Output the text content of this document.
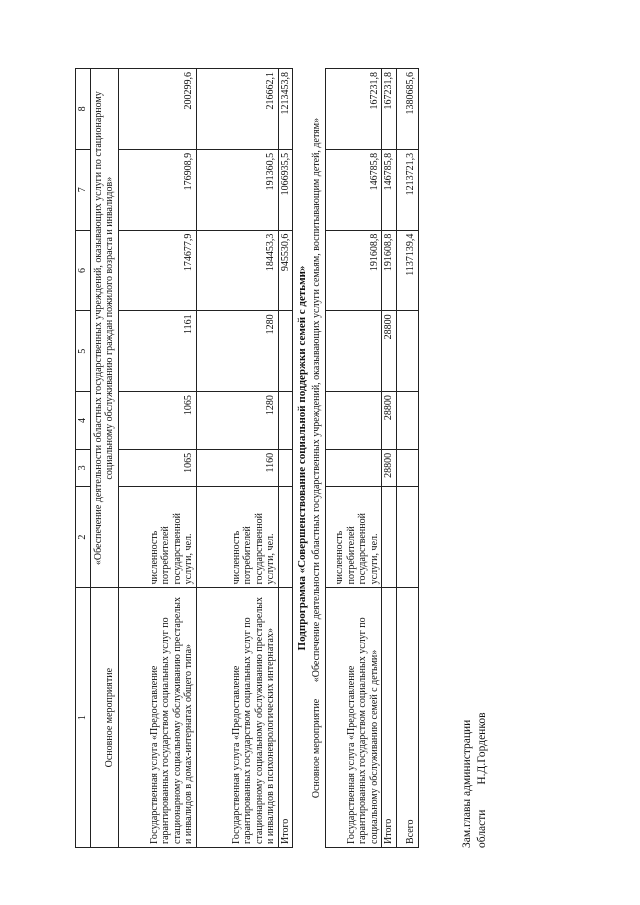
1	2	3	4	5	6	7	8
Основное мероприятие	«Обеспечение деятельности областных государственных учреждений, оказывающих услуги по стационарному социальному обслуживанию граждан пожилого возраста и инвалидов»						
Государственная услуга «Предоставление гарантированных государством социальных услуг по стационарному социальному обслуживанию престарелых и инвалидов в домах-интернатах общего типа»	численность потребителей государственной услуги, чел.	1065	1065	1161	174677,9	176908,9	200299,6
Государственная услуга «Предоставление гарантированных государством социальных услуг по стационарному социальному обслуживанию престарелых и инвалидов в психоневрологических интернатах»	численность потребителей государственной услуги, чел.	1160	1280	1280	184453,3	191360,5	216662,1
Итого					945530,6	1066935,5	1213453,8
Подпрограмма «Совершенствование социальной поддержки семей с детьми»
Основное мероприятие «Обеспечение деятельности областных государственных учреждений, оказывающих услуги семьям, воспитывающим детей, детям»
Государственная услуга «Предоставление гарантированных государством социальных услуг по социальному обслуживанию семей с детьми»	численность потребителей государственной услуги, чел.				191608,8	146785,8	167231,8
Итого		28800	28800	28800	191608,8	146785,8	167231,8
Всего					1137139,4	1213721,3	1380685,6
Зам.главы администрации области Н.Д.Горденков
